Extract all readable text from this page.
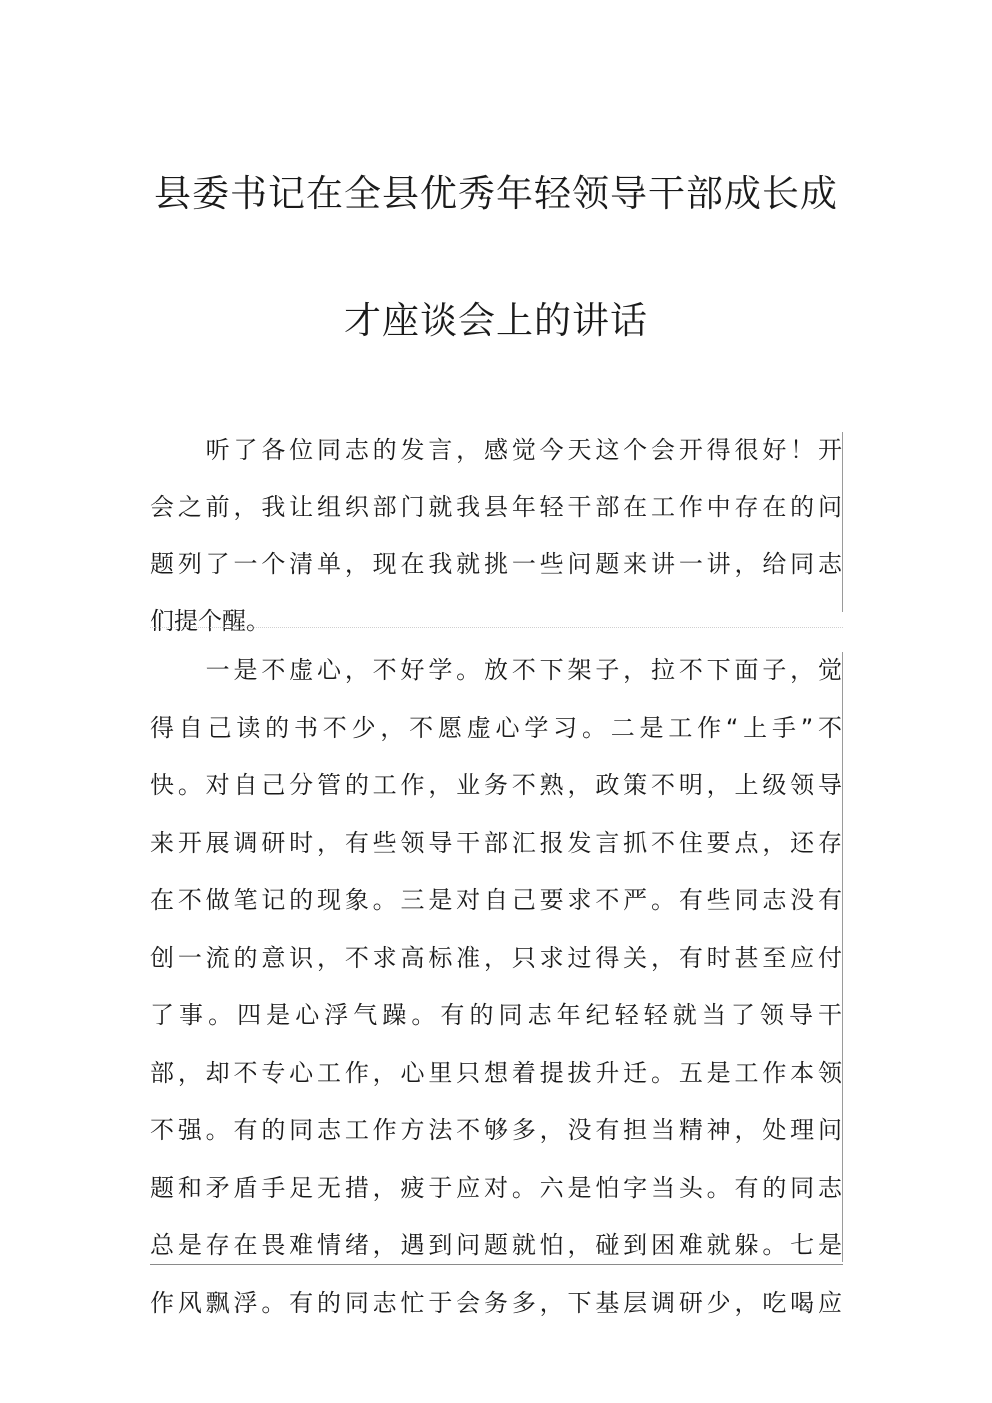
县委书记在全县优秀年轻领导干部成长成
才座谈会上的讲话
　　听了各位同志的发言，感觉今天这个会开得很好！开
会之前，我让组织部门就我县年轻干部在工作中存在的问
题列了一个清单，现在我就挑一些问题来讲一讲，给同志
们提个醒。
　　一是不虚心，不好学。放不下架子，拉不下面子，觉
得自己读的书不少，不愿虚心学习。二是工作“上手”不
快。对自己分管的工作，业务不熟，政策不明，上级领导
来开展调研时，有些领导干部汇报发言抓不住要点，还存
在不做笔记的现象。三是对自己要求不严。有些同志没有
创一流的意识，不求高标准，只求过得关，有时甚至应付
了事。四是心浮气躁。有的同志年纪轻轻就当了领导干
部，却不专心工作，心里只想着提拔升迁。五是工作本领
不强。有的同志工作方法不够多，没有担当精神，处理问
题和矛盾手足无措，疲于应对。六是怕字当头。有的同志
总是存在畏难情绪，遇到问题就怕，碰到困难就躲。七是
作风飘浮。有的同志忙于会务多，下基层调研少，吃喝应
